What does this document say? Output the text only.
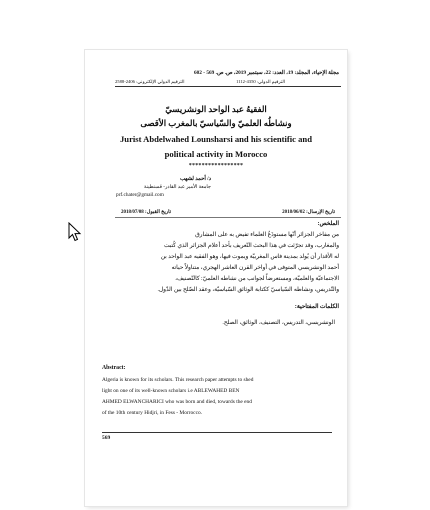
مجلة الإحياء، المجلد: 19، العدد: 22، سبتمبر 2019، ص. ص. 569 - 602
الترقيم الدولي: 4350-1112
الترقيم الدولي الإلكتروني: 2406-2588
الفقيهُ عبد الواحد الونشريسيّ
ونشاطُه العلميّ والسّياسيّ بالمغرب الأقصى
Jurist Abdelwahed Lounsharsi and his scientific and
political activity in Morocco
*****************
د/ أحمد لشهب
جامعة الأمير عبد القادر- قسنطينة
prf.chater@gmail.com
تاريخ الإرسال: 2018/06/02
تاريخ القبول: 2018/07/08
الملخص:
من مفاخر الجزائر أنّها مستودَعُ العلماء تفيض به على المشارق
والمغارب، وقد تجرّئت في هذا البحث التّعريف بأحد أعلام الجزائر الذي كُتبت
له الأقدار أن يُولد بمدينة فاس المغربيّة ويموت فيها، وهو الفقيه عبد الواحد بن
أحمد الونشريسي المتوفى في أواخر القرن العاشر الهجري، متناولاً حياته
الاجتماعيّة والعلميّة، ومستعرضاً لجوانب من نشاطه العلميّ: كالتّصنيف،
والتّدريس، ونشاطه السّياسيّ ككتابة الوثائق السّياسيّة، وعقد الصّلح بين الدّول.
الكلمات المفتاحية:
الونشريسي، التدريس، التصنيف، الوثائق، الصلح.
Abstract:
Algeria is known for its scholars. This research paper attempts to shed
light on one of its well-known scholars i.e ABLEWAHED BEN
AHMED ELWANCHARICI who was born and died, towards the end
of the 10th century Hidjri, in Fess - Morrocco.
569
